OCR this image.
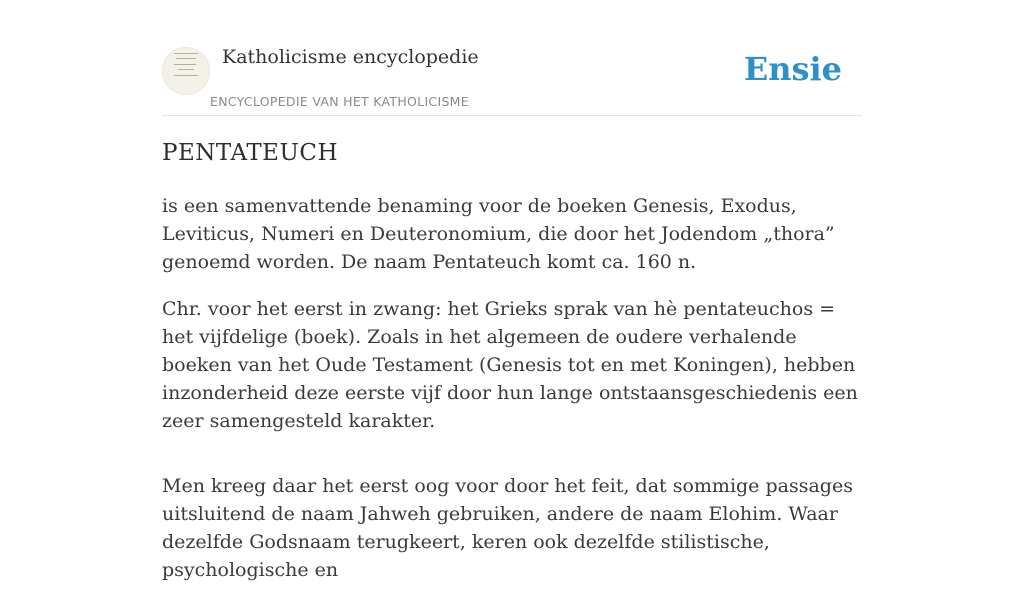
Katholicisme encyclopedie
ENCYCLOPEDIE VAN HET KATHOLICISME
Ensie
PENTATEUCH

is een samenvattende benaming voor de boeken Genesis, Exodus, Leviticus, Numeri en Deuteronomium, die door het Jodendom „thora” genoemd worden. De naam Pentateuch komt ca. 160 n.

Chr. voor het eerst in zwang: het Grieks sprak van hè pentateuchos = het vijfdelige (boek). Zoals in het algemeen de oudere verhalende boeken van het Oude Testament (Genesis tot en met Koningen), hebben inzonderheid deze eerste vijf door hun lange ontstaansgeschiedenis een zeer samengesteld karakter.

Men kreeg daar het eerst oog voor door het feit, dat sommige passages uitsluitend de naam Jahweh gebruiken, andere de naam Elohim. Waar dezelfde Godsnaam terugkeert, keren ook dezelfde stilistische, psychologische en
